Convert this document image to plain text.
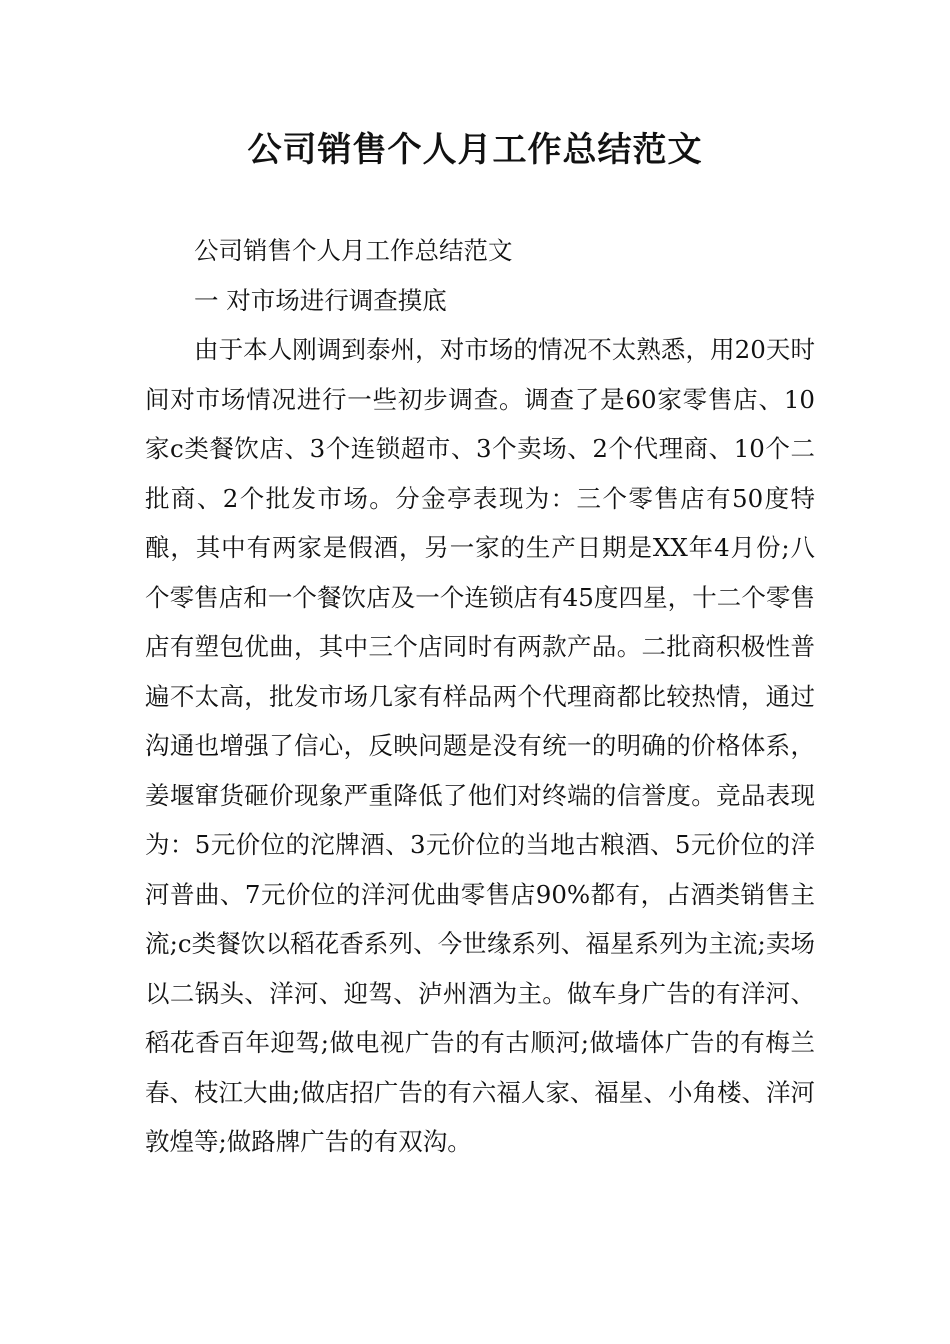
公司销售个人月工作总结范文

公司销售个人月工作总结范文

一 对市场进行调查摸底

由于本人刚调到泰州，对市场的情况不太熟悉，用20天时间对市场情况进行一些初步调查。调查了是60家零售店、10家c类餐饮店、3个连锁超市、3个卖场、2个代理商、10个二批商、2个批发市场。分金亭表现为：三个零售店有50度特酿，其中有两家是假酒，另一家的生产日期是XX年4月份;八个零售店和一个餐饮店及一个连锁店有45度四星，十二个零售店有塑包优曲，其中三个店同时有两款产品。二批商积极性普遍不太高，批发市场几家有样品两个代理商都比较热情，通过沟通也增强了信心，反映问题是没有统一的明确的价格体系，姜堰窜货砸价现象严重降低了他们对终端的信誉度。竞品表现为：5元价位的沱牌酒、3元价位的当地古粮酒、5元价位的洋河普曲、7元价位的洋河优曲零售店90%都有，占酒类销售主流;c类餐饮以稻花香系列、今世缘系列、福星系列为主流;卖场以二锅头、洋河、迎驾、泸州酒为主。做车身广告的有洋河、稻花香百年迎驾;做电视广告的有古顺河;做墙体广告的有梅兰春、枝江大曲;做店招广告的有六福人家、福星、小角楼、洋河敦煌等;做路牌广告的有双沟。
